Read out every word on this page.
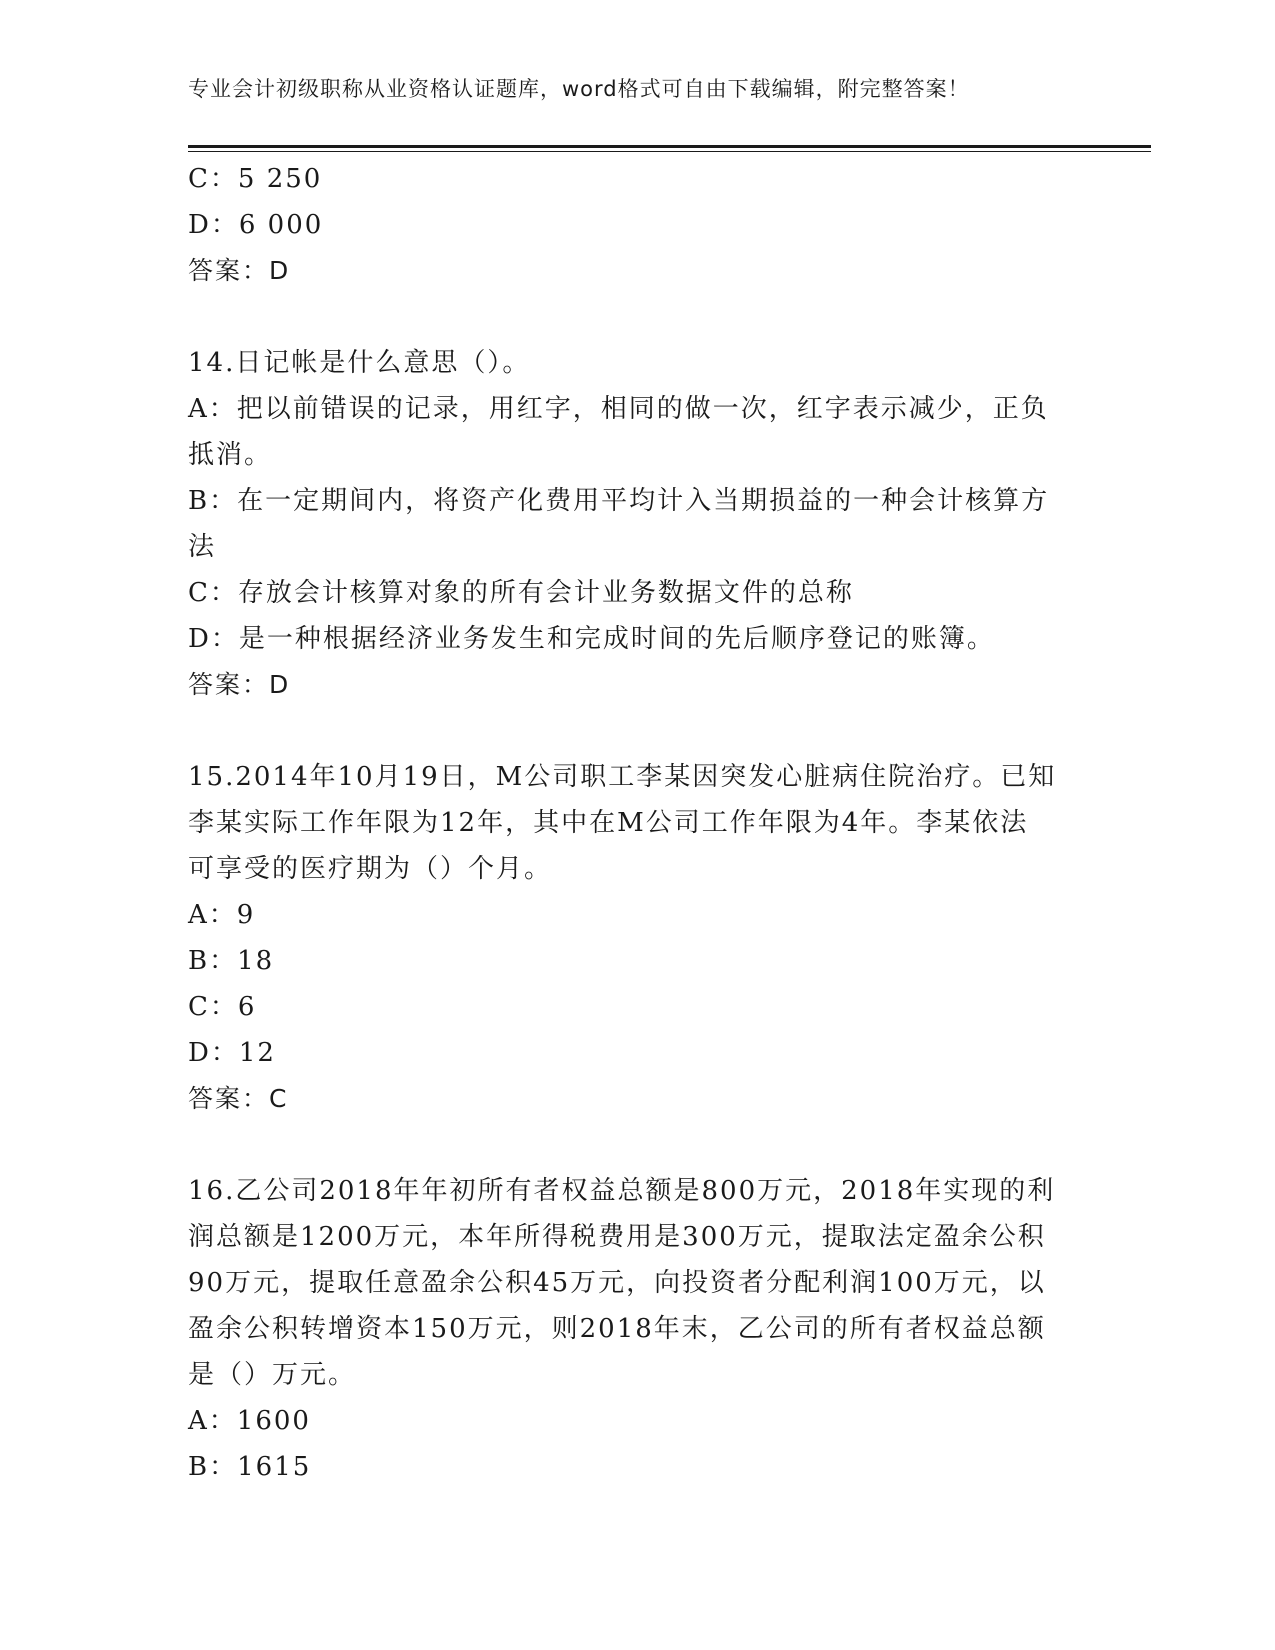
专业会计初级职称从业资格认证题库，word格式可自由下载编辑，附完整答案！
C：5 250
D：6 000
答案：D
14.日记帐是什么意思（）。
A：把以前错误的记录，用红字，相同的做一次，红字表示减少，正负
抵消。
B：在一定期间内，将资产化费用平均计入当期损益的一种会计核算方
法
C：存放会计核算对象的所有会计业务数据文件的总称
D：是一种根据经济业务发生和完成时间的先后顺序登记的账簿。
答案：D
15.2014年10月19日，M公司职工李某因突发心脏病住院治疗。已知
李某实际工作年限为12年，其中在M公司工作年限为4年。李某依法
可享受的医疗期为（）个月。
A：9
B：18
C：6
D：12
答案：C
16.乙公司2018年年初所有者权益总额是800万元，2018年实现的利
润总额是1200万元，本年所得税费用是300万元，提取法定盈余公积
90万元，提取任意盈余公积45万元，向投资者分配利润100万元，以
盈余公积转增资本150万元，则2018年末，乙公司的所有者权益总额
是（）万元。
A：1600
B：1615
